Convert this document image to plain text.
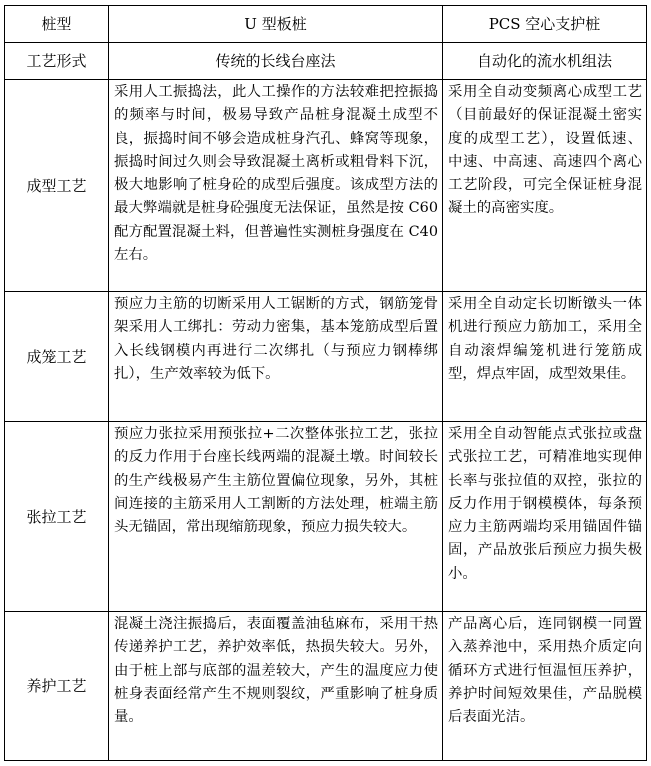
桩型	U 型板桩	PCS 空心支护桩
工艺形式	传统的长线台座法	自动化的流水机组法
成型工艺	采用人工振捣法，此人工操作的方法较难把控振捣的频率与时间，极易导致产品桩身混凝土成型不良，振捣时间不够会造成桩身汽孔、蜂窝等现象，振捣时间过久则会导致混凝土离析或粗骨料下沉，极大地影响了桩身砼的成型后强度。该成型方法的最大弊端就是桩身砼强度无法保证，虽然是按 C60 配方配置混凝土料，但普遍性实测桩身强度在 C40 左右。	采用全自动变频离心成型工艺（目前最好的保证混凝土密实度的成型工艺），设置低速、中速、中高速、高速四个离心工艺阶段，可完全保证桩身混凝土的高密实度。
成笼工艺	预应力主筋的切断采用人工锯断的方式，钢筋笼骨架采用人工绑扎：劳动力密集，基本笼筋成型后置入长线钢模内再进行二次绑扎（与预应力钢棒绑扎），生产效率较为低下。	采用全自动定长切断镦头一体机进行预应力筋加工，采用全自动滚焊编笼机进行笼筋成型，焊点牢固，成型效果佳。
张拉工艺	预应力张拉采用预张拉+二次整体张拉工艺，张拉的反力作用于台座长线两端的混凝土墩。时间较长的生产线极易产生主筋位置偏位现象，另外，其桩间连接的主筋采用人工割断的方法处理，桩端主筋头无锚固，常出现缩筋现象，预应力损失较大。	采用全自动智能点式张拉或盘式张拉工艺，可精准地实现伸长率与张拉值的双控，张拉的反力作用于钢模模体，每条预应力主筋两端均采用锚固件锚固，产品放张后预应力损失极小。
养护工艺	混凝土浇注振捣后，表面覆盖油毡麻布，采用干热传递养护工艺，养护效率低，热损失较大。另外，由于桩上部与底部的温差较大，产生的温度应力使桩身表面经常产生不规则裂纹，严重影响了桩身质量。	产品离心后，连同钢模一同置入蒸养池中，采用热介质定向循环方式进行恒温恒压养护，养护时间短效果佳，产品脱模后表面光洁。
